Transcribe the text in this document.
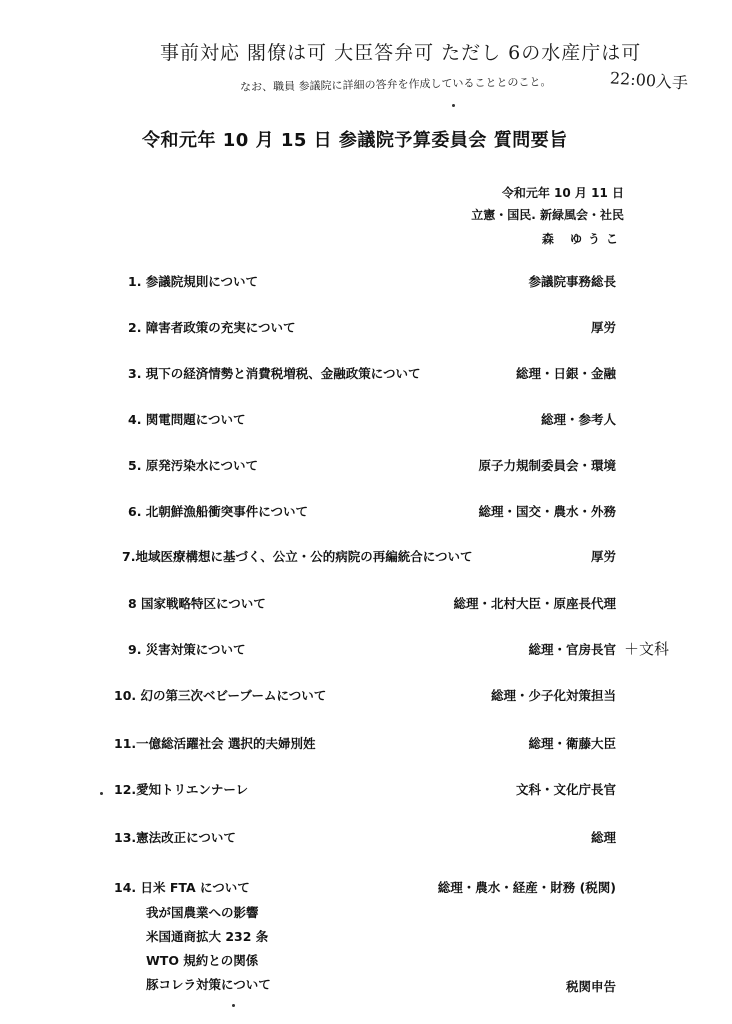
事前対応 閣僚は可 大臣答弁可 ただし 6の水産庁は可
なお、職員 参議院に詳細の答弁を作成していることとのこと。	22:00入手
令和元年 10 月 15 日 参議院予算委員会 質問要旨
令和元年 10 月 11 日
立憲・国民. 新緑風会・社民
森 ゆうこ
1. 参議院規則について	参議院事務総長
2. 障害者政策の充実について	厚労
3. 現下の経済情勢と消費税増税、金融政策について	総理・日銀・金融
4. 関電問題について	総理・参考人
5. 原発汚染水について	原子力規制委員会・環境
6. 北朝鮮漁船衝突事件について	総理・国交・農水・外務
7.地域医療構想に基づく、公立・公的病院の再編統合について	厚労
8 国家戦略特区について	総理・北村大臣・原座長代理
9. 災害対策について	総理・官房長官 ＋文科
10. 幻の第三次ベビーブームについて	総理・少子化対策担当
11.一億総活躍社会 選択的夫婦別姓	総理・衛藤大臣
12.愛知トリエンナーレ	文科・文化庁長官
13.憲法改正について	総理
14. 日米 FTA について	総理・農水・経産・財務 (税関)
我が国農業への影響
米国通商拡大 232 条
WTO 規約との関係
豚コレラ対策について	税関申告
